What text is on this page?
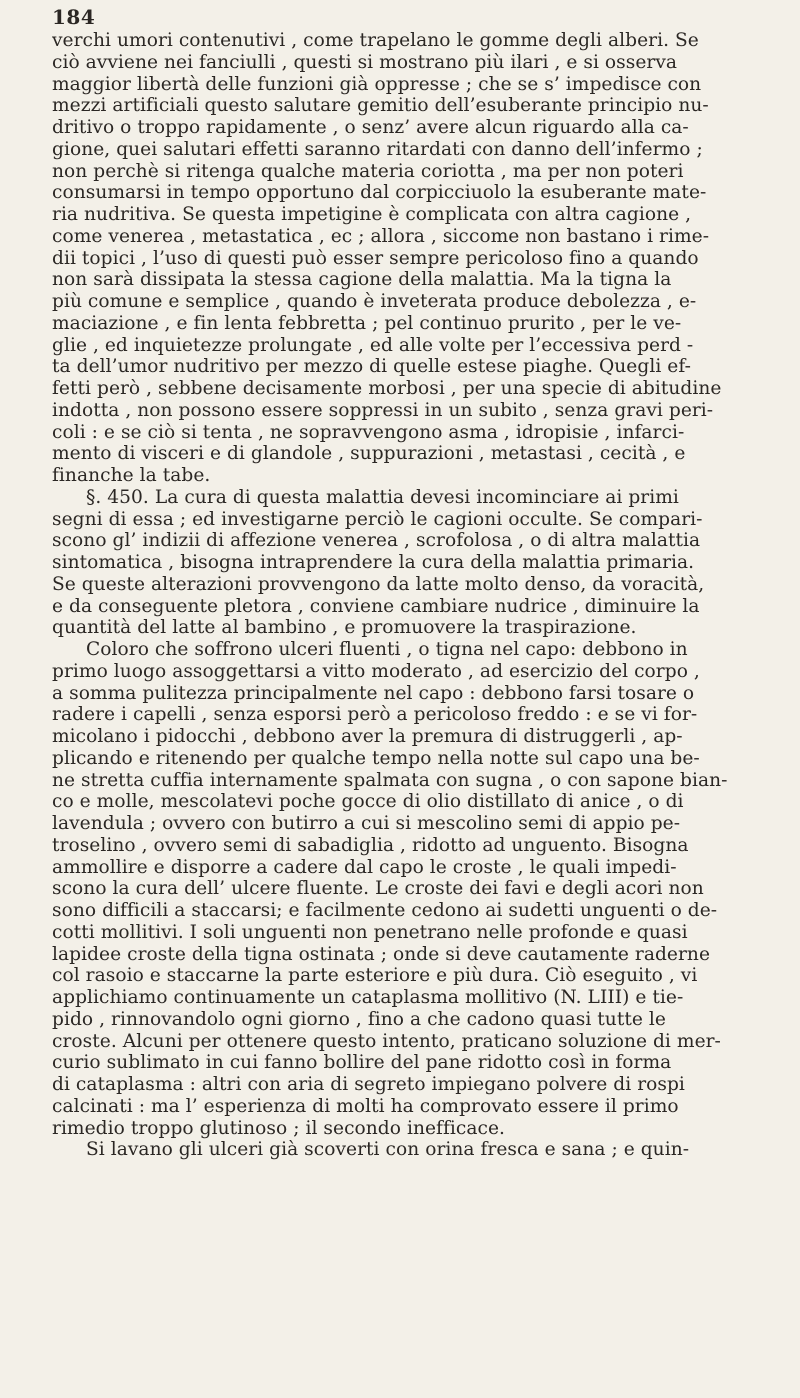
184
verchi umori contenutivi , come trapelano le gomme degli alberi. Se
ciò avviene nei fanciulli , questi si mostrano più ilari , e si osserva
maggior libertà delle funzioni già oppresse ; che se s’ impedisce con
mezzi artificiali questo salutare gemitio dell’esuberante principio nu-
dritivo o troppo rapidamente , o senz’ avere alcun riguardo alla ca-
gione, quei salutari effetti saranno ritardati con danno dell’infermo ;
non perchè si ritenga qualche materia coriotta , ma per non poteri
consumarsi in tempo opportuno dal corpicciuolo la esuberante mate-
ria nudritiva. Se questa impetigine è complicata con altra cagione ,
come venerea , metastatica , ec ; allora , siccome non bastano i rime-
dii topici , l’uso di questi può esser sempre pericoloso fino a quando
non sarà dissipata la stessa cagione della malattia. Ma la tigna la
più comune e semplice , quando è inveterata produce debolezza , e-
maciazione , e fin lenta febbretta ; pel continuo prurito , per le ve-
glie , ed inquietezze prolungate , ed alle volte per l’eccessiva perd -
ta dell’umor nudritivo per mezzo di quelle estese piaghe. Quegli ef-
fetti però , sebbene decisamente morbosi , per una specie di abitudine
indotta , non possono essere soppressi in un subito , senza gravi peri-
coli : e se ciò si tenta , ne sopravvengono asma , idropisie , infarci-
mento di visceri e di glandole , suppurazioni , metastasi , cecità , e
finanche la tabe.
§. 450. La cura di questa malattia devesi incominciare ai primi
segni di essa ; ed investigarne perciò le cagioni occulte. Se compari-
scono gl’ indizii di affezione venerea , scrofolosa , o di altra malattia
sintomatica , bisogna intraprendere la cura della malattia primaria.
Se queste alterazioni provvengono da latte molto denso, da voracità,
e da conseguente pletora , conviene cambiare nudrice , diminuire la
quantità del latte al bambino , e promuovere la traspirazione.
Coloro che soffrono ulceri fluenti , o tigna nel capo: debbono in
primo luogo assoggettarsi a vitto moderato , ad esercizio del corpo ,
a somma pulitezza principalmente nel capo : debbono farsi tosare o
radere i capelli , senza esporsi però a pericoloso freddo : e se vi for-
micolano i pidocchi , debbono aver la premura di distruggerli , ap-
plicando e ritenendo per qualche tempo nella notte sul capo una be-
ne stretta cuffia internamente spalmata con sugna , o con sapone bian-
co e molle, mescolatevi poche gocce di olio distillato di anice , o di
lavendula ; ovvero con butirro a cui si mescolino semi di appio pe-
troselino , ovvero semi di sabadiglia , ridotto ad unguento. Bisogna
ammollire e disporre a cadere dal capo le croste , le quali impedi-
scono la cura dell’ ulcere fluente. Le croste dei favi e degli acori non
sono difficili a staccarsi; e facilmente cedono ai sudetti unguenti o de-
cotti mollitivi. I soli unguenti non penetrano nelle profonde e quasi
lapidee croste della tigna ostinata ; onde si deve cautamente raderne
col rasoio e staccarne la parte esteriore e più dura. Ciò eseguito , vi
applichiamo continuamente un cataplasma mollitivo (N. LIII) e tie-
pido , rinnovandolo ogni giorno , fino a che cadono quasi tutte le
croste. Alcuni per ottenere questo intento, praticano soluzione di mer-
curio sublimato in cui fanno bollire del pane ridotto così in forma
di cataplasma : altri con aria di segreto impiegano polvere di rospi
calcinati : ma l’ esperienza di molti ha comprovato essere il primo
rimedio troppo glutinoso ; il secondo inefficace.
Si lavano gli ulceri già scoverti con orina fresca e sana ; e quin-
